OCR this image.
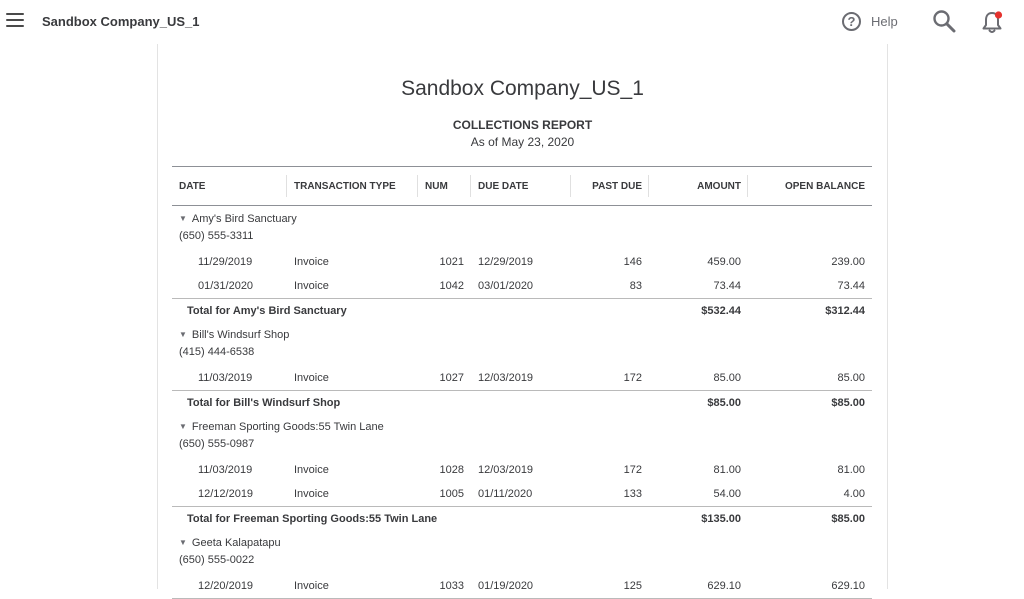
Sandbox Company_US_1	?	Help
Sandbox Company_US_1
COLLECTIONS REPORT
As of May 23, 2020
DATE	TRANSACTION TYPE	NUM	DUE DATE	PAST DUE	AMOUNT	OPEN BALANCE
▼ Amy's Bird Sanctuary						
(650) 555-3311						
11/29/2019	Invoice	1021	12/29/2019	146	459.00	239.00
01/31/2020	Invoice	1042	03/01/2020	83	73.44	73.44
Total for Amy's Bird Sanctuary					$532.44	$312.44
▼ Bill's Windsurf Shop						
(415) 444-6538						
11/03/2019	Invoice	1027	12/03/2019	172	85.00	85.00
Total for Bill's Windsurf Shop					$85.00	$85.00
▼ Freeman Sporting Goods:55 Twin Lane						
(650) 555-0987						
11/03/2019	Invoice	1028	12/03/2019	172	81.00	81.00
12/12/2019	Invoice	1005	01/11/2020	133	54.00	4.00
Total for Freeman Sporting Goods:55 Twin Lane					$135.00	$85.00
▼ Geeta Kalapatapu						
(650) 555-0022						
12/20/2019	Invoice	1033	01/19/2020	125	629.10	629.10
